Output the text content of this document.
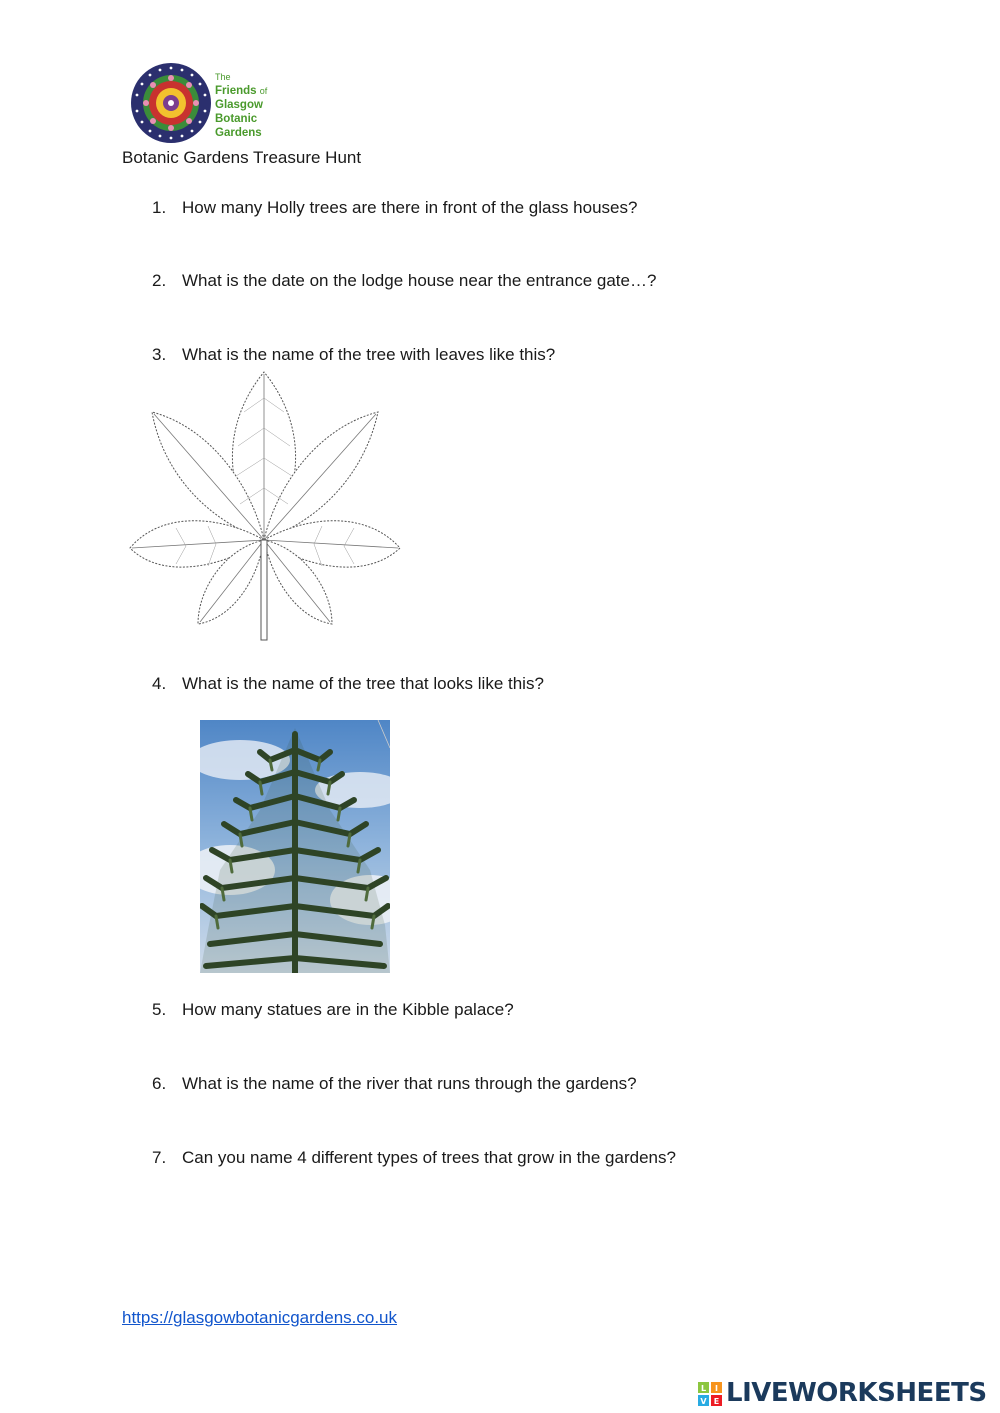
The
Friends of
Glasgow
Botanic
Gardens
Botanic Gardens Treasure Hunt
1. How many Holly trees are there in front of the glass houses?
2. What is the date on the lodge house near the entrance gate…?
3. What is the name of the tree with leaves like this?
4. What is the name of the tree that looks like this?
5. How many statues are in the Kibble palace?
6. What is the name of the river that runs through the gardens?
7. Can you name 4 different types of trees that grow in the gardens?
https://glasgowbotanicgardens.co.uk
L I
V E LIVEWORKSHEETS
